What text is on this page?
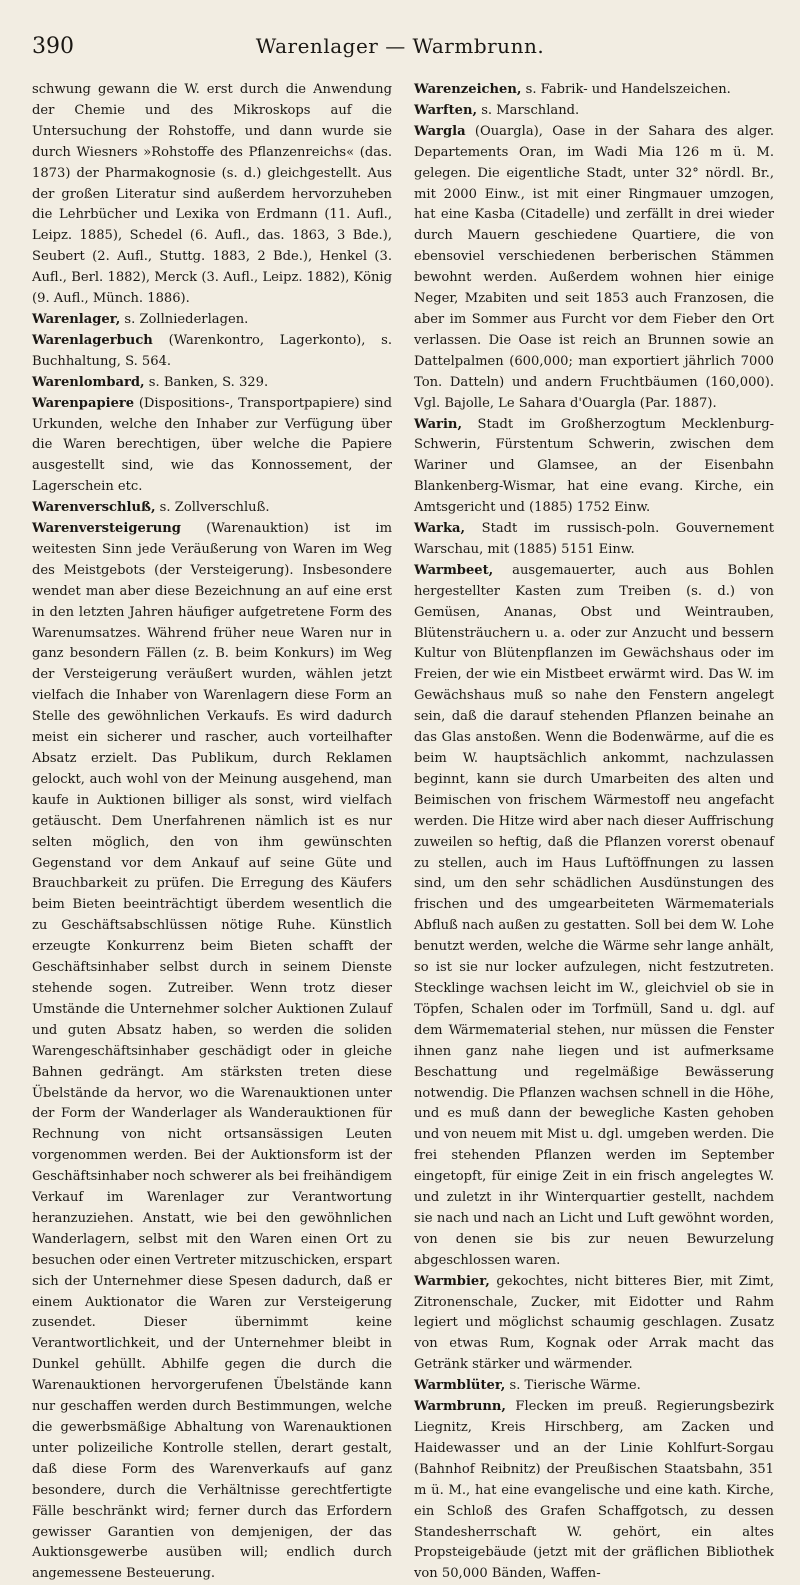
390	Warenlager — Warmbrunn.

schwung gewann die W. erst durch die Anwendung der Chemie und des Mikroskops auf die Untersuchung der Rohstoffe, und dann wurde sie durch Wiesners »Rohstoffe des Pflanzenreichs« (das. 1873) der Pharmakognosie (s. d.) gleichgestellt. Aus der großen Literatur sind außerdem hervorzuheben die Lehrbücher und Lexika von Erdmann (11. Aufl., Leipz. 1885), Schedel (6. Aufl., das. 1863, 3 Bde.), Seubert (2. Aufl., Stuttg. 1883, 2 Bde.), Henkel (3. Aufl., Berl. 1882), Merck (3. Aufl., Leipz. 1882), König (9. Aufl., Münch. 1886).

Warenlager, s. Zollniederlagen.

Warenlagerbuch (Warenkontro, Lagerkonto), s. Buchhaltung, S. 564.

Warenlombard, s. Banken, S. 329.

Warenpapiere (Dispositions-, Transportpapiere) sind Urkunden, welche den Inhaber zur Verfügung über die Waren berechtigen, über welche die Papiere ausgestellt sind, wie das Konnossement, der Lagerschein etc.

Warenverschluß, s. Zollverschluß.

Warenversteigerung (Warenauktion) ist im weitesten Sinn jede Veräußerung von Waren im Weg des Meistgebots (der Versteigerung). Insbesondere wendet man aber diese Bezeichnung an auf eine erst in den letzten Jahren häufiger aufgetretene Form des Warenumsatzes. Während früher neue Waren nur in ganz besondern Fällen (z. B. beim Konkurs) im Weg der Versteigerung veräußert wurden, wählen jetzt vielfach die Inhaber von Warenlagern diese Form an Stelle des gewöhnlichen Verkaufs. Es wird dadurch meist ein sicherer und rascher, auch vorteilhafter Absatz erzielt. Das Publikum, durch Reklamen gelockt, auch wohl von der Meinung ausgehend, man kaufe in Auktionen billiger als sonst, wird vielfach getäuscht. Dem Unerfahrenen nämlich ist es nur selten möglich, den von ihm gewünschten Gegenstand vor dem Ankauf auf seine Güte und Brauchbarkeit zu prüfen. Die Erregung des Käufers beim Bieten beeinträchtigt überdem wesentlich die zu Geschäftsabschlüssen nötige Ruhe. Künstlich erzeugte Konkurrenz beim Bieten schafft der Geschäftsinhaber selbst durch in seinem Dienste stehende sogen. Zutreiber. Wenn trotz dieser Umstände die Unternehmer solcher Auktionen Zulauf und guten Absatz haben, so werden die soliden Warengeschäftsinhaber geschädigt oder in gleiche Bahnen gedrängt. Am stärksten treten diese Übelstände da hervor, wo die Warenauktionen unter der Form der Wanderlager als Wanderauktionen für Rechnung von nicht ortsansässigen Leuten vorgenommen werden. Bei der Auktionsform ist der Geschäftsinhaber noch schwerer als bei freihändigem Verkauf im Warenlager zur Verantwortung heranzuziehen. Anstatt, wie bei den gewöhnlichen Wanderlagern, selbst mit den Waren einen Ort zu besuchen oder einen Vertreter mitzuschicken, erspart sich der Unternehmer diese Spesen dadurch, daß er einem Auktionator die Waren zur Versteigerung zusendet. Dieser übernimmt keine Verantwortlichkeit, und der Unternehmer bleibt in Dunkel gehüllt. Abhilfe gegen die durch die Warenauktionen hervorgerufenen Übelstände kann nur geschaffen werden durch Bestimmungen, welche die gewerbsmäßige Abhaltung von Warenauktionen unter polizeiliche Kontrolle stellen, derart gestalt, daß diese Form des Warenverkaufs auf ganz besondere, durch die Verhältnisse gerechtfertigte Fälle beschränkt wird; ferner durch das Erfordern gewisser Garantien von demjenigen, der das Auktionsgewerbe ausüben will; endlich durch angemessene Besteuerung.

Warenzeichen, s. Fabrik- und Handelszeichen.

Warften, s. Marschland.

Wargla (Ouargla), Oase in der Sahara des alger. Departements Oran, im Wadi Mia 126 m ü. M. gelegen. Die eigentliche Stadt, unter 32° nördl. Br., mit 2000 Einw., ist mit einer Ringmauer umzogen, hat eine Kasba (Citadelle) und zerfällt in drei wieder durch Mauern geschiedene Quartiere, die von ebensoviel verschiedenen berberischen Stämmen bewohnt werden. Außerdem wohnen hier einige Neger, Mzabiten und seit 1853 auch Franzosen, die aber im Sommer aus Furcht vor dem Fieber den Ort verlassen. Die Oase ist reich an Brunnen sowie an Dattelpalmen (600,000; man exportiert jährlich 7000 Ton. Datteln) und andern Fruchtbäumen (160,000). Vgl. Bajolle, Le Sahara d'Ouargla (Par. 1887).

Warin, Stadt im Großherzogtum Mecklenburg-Schwerin, Fürstentum Schwerin, zwischen dem Wariner und Glamsee, an der Eisenbahn Blankenberg-Wismar, hat eine evang. Kirche, ein Amtsgericht und (1885) 1752 Einw.

Warka, Stadt im russisch-poln. Gouvernement Warschau, mit (1885) 5151 Einw.

Warmbeet, ausgemauerter, auch aus Bohlen hergestellter Kasten zum Treiben (s. d.) von Gemüsen, Ananas, Obst und Weintrauben, Blütensträuchern u. a. oder zur Anzucht und bessern Kultur von Blütenpflanzen im Gewächshaus oder im Freien, der wie ein Mistbeet erwärmt wird. Das W. im Gewächshaus muß so nahe den Fenstern angelegt sein, daß die darauf stehenden Pflanzen beinahe an das Glas anstoßen. Wenn die Bodenwärme, auf die es beim W. hauptsächlich ankommt, nachzulassen beginnt, kann sie durch Umarbeiten des alten und Beimischen von frischem Wärmestoff neu angefacht werden. Die Hitze wird aber nach dieser Auffrischung zuweilen so heftig, daß die Pflanzen vorerst obenauf zu stellen, auch im Haus Luftöffnungen zu lassen sind, um den sehr schädlichen Ausdünstungen des frischen und des umgearbeiteten Wärmematerials Abfluß nach außen zu gestatten. Soll bei dem W. Lohe benutzt werden, welche die Wärme sehr lange anhält, so ist sie nur locker aufzulegen, nicht festzutreten. Stecklinge wachsen leicht im W., gleichviel ob sie in Töpfen, Schalen oder im Torfmüll, Sand u. dgl. auf dem Wärmematerial stehen, nur müssen die Fenster ihnen ganz nahe liegen und ist aufmerksame Beschattung und regelmäßige Bewässerung notwendig. Die Pflanzen wachsen schnell in die Höhe, und es muß dann der bewegliche Kasten gehoben und von neuem mit Mist u. dgl. umgeben werden. Die frei stehenden Pflanzen werden im September eingetopft, für einige Zeit in ein frisch angelegtes W. und zuletzt in ihr Winterquartier gestellt, nachdem sie nach und nach an Licht und Luft gewöhnt worden, von denen sie bis zur neuen Bewurzelung abgeschlossen waren.

Warmbier, gekochtes, nicht bitteres Bier, mit Zimt, Zitronenschale, Zucker, mit Eidotter und Rahm legiert und möglichst schaumig geschlagen. Zusatz von etwas Rum, Kognak oder Arrak macht das Getränk stärker und wärmender.

Warmblüter, s. Tierische Wärme.

Warmbrunn, Flecken im preuß. Regierungsbezirk Liegnitz, Kreis Hirschberg, am Zacken und Haidewasser und an der Linie Kohlfurt-Sorgau (Bahnhof Reibnitz) der Preußischen Staatsbahn, 351 m ü. M., hat eine evangelische und eine kath. Kirche, ein Schloß des Grafen Schaffgotsch, zu dessen Standesherrschaft W. gehört, ein altes Propsteigebäude (jetzt mit der gräflichen Bibliothek von 50,000 Bänden, Waffen-
